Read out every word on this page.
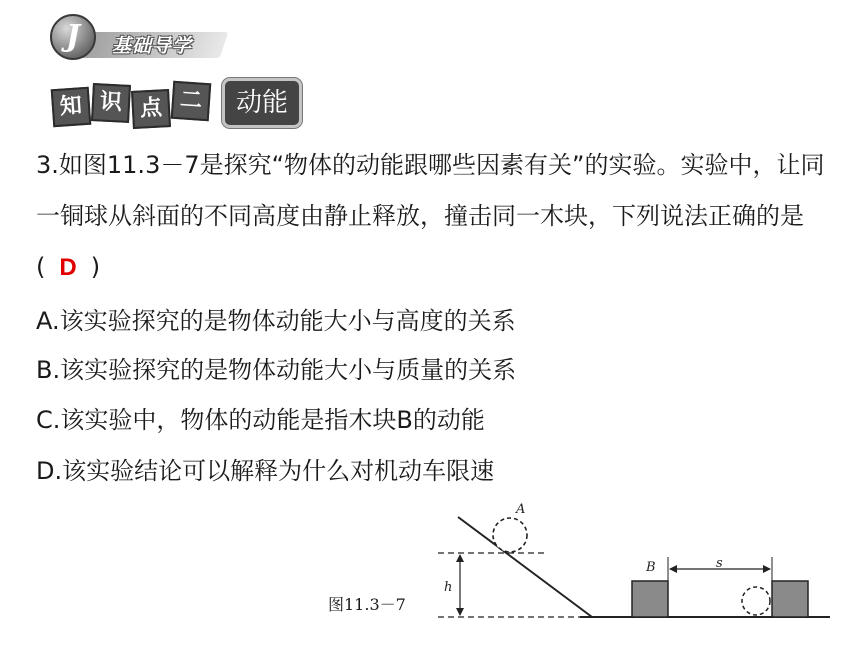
J	基础导学
知 识 点 二	动能
3.如图11.3－7是探究“物体的动能跟哪些因素有关”的实验。实验中，让同一铜球从斜面的不同高度由静止释放，撞击同一木块，下列说法正确的是( D )
A.该实验探究的是物体动能大小与高度的关系
B.该实验探究的是物体动能大小与质量的关系
C.该实验中，物体的动能是指木块B的动能
D.该实验结论可以解释为什么对机动车限速
图11.3－7
A
h
B	s
